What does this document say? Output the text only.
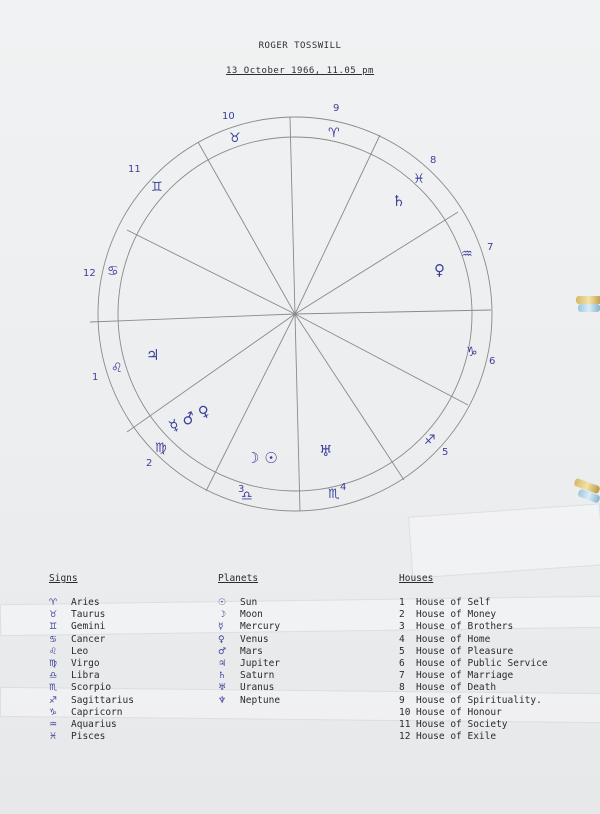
ROGER TOSSWILL
13 October 1966, 11.05 pm
1
2
3	4
5
6
7
8
9
10
11
12
♌
♍
♎	♏
♐
♑
♒
♓
♈
♉
♊
♋
♃
☿ ♂ ♀
☽ ☉	♅
♀
♄
Signs
♈ Aries
♉ Taurus
♊ Gemini
♋ Cancer
♌ Leo
♍ Virgo
♎ Libra
♏ Scorpio
♐ Sagittarius
♑ Capricorn
♒ Aquarius
♓ Pisces
Planets
☉ Sun
☽ Moon
☿ Mercury
♀ Venus
♂ Mars
♃ Jupiter
♄ Saturn
♅ Uranus
♆ Neptune
Houses
1 House of Self
2 House of Money
3 House of Brothers
4 House of Home
5 House of Pleasure
6 House of Public Service
7 House of Marriage
8 House of Death
9 House of Spirituality.
10 House of Honour
11 House of Society
12 House of Exile
